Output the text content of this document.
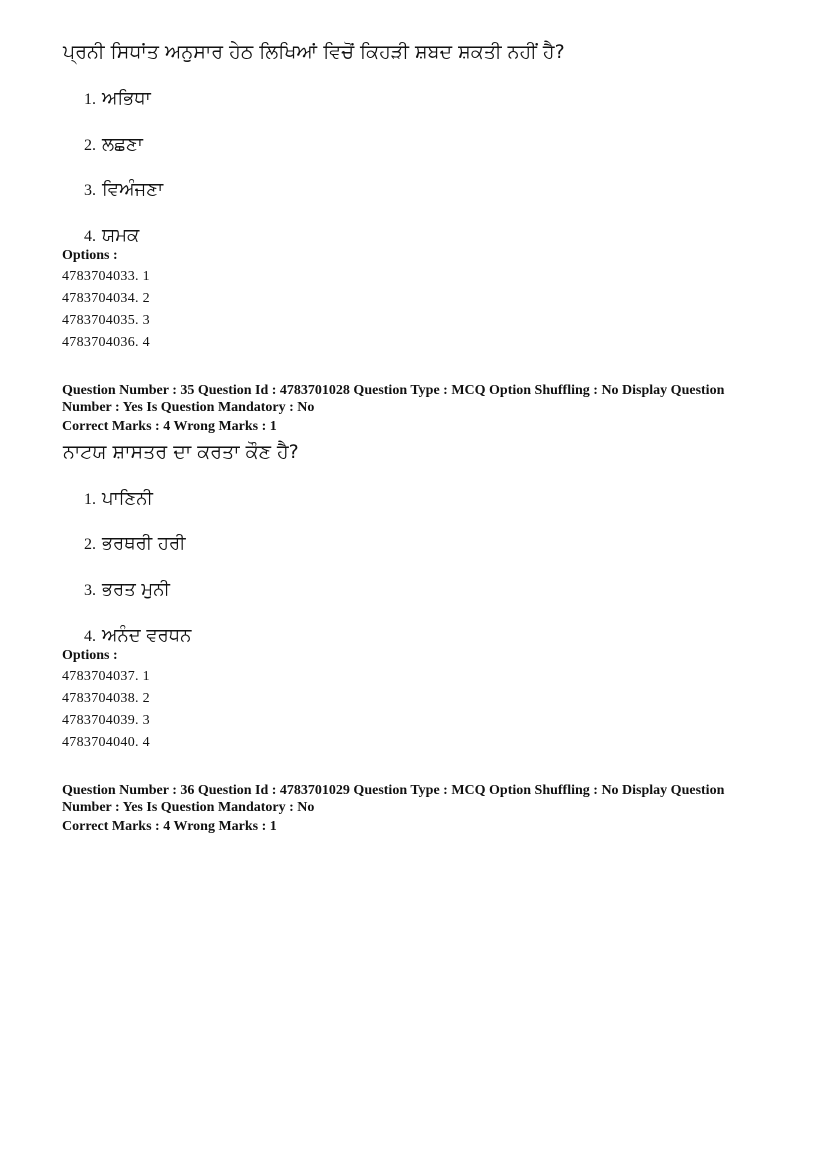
ਪ੍ਰਨੀ ਸਿਧਾਂਤ ਅਨੁਸਾਰ ਹੇਠ ਲਿਖਿਆਂ ਵਿਚੋਂ ਕਿਹੜੀ ਸ਼ਬਦ ਸ਼ਕਤੀ ਨਹੀਂ ਹੈ?
1. ਅਭਿਧਾ
2. ਲਛਣਾ
3. ਵਿਅੰਜਣਾ
4. ਯਮਕ
Options :
4783704033. 1
4783704034. 2
4783704035. 3
4783704036. 4
Question Number : 35 Question Id : 4783701028 Question Type : MCQ Option Shuffling : No Display Question Number : Yes Is Question Mandatory : No
Correct Marks : 4 Wrong Marks : 1
ਨਾਟਯ ਸ਼ਾਸਤਰ ਦਾ ਕਰਤਾ ਕੌਣ ਹੈ?
1. ਪਾਣਿਨੀ
2. ਭਰਥਰੀ ਹਰੀ
3. ਭਰਤ ਮੁਨੀ
4. ਅਨੰਦ ਵਰਧਨ
Options :
4783704037. 1
4783704038. 2
4783704039. 3
4783704040. 4
Question Number : 36 Question Id : 4783701029 Question Type : MCQ Option Shuffling : No Display Question Number : Yes Is Question Mandatory : No
Correct Marks : 4 Wrong Marks : 1
